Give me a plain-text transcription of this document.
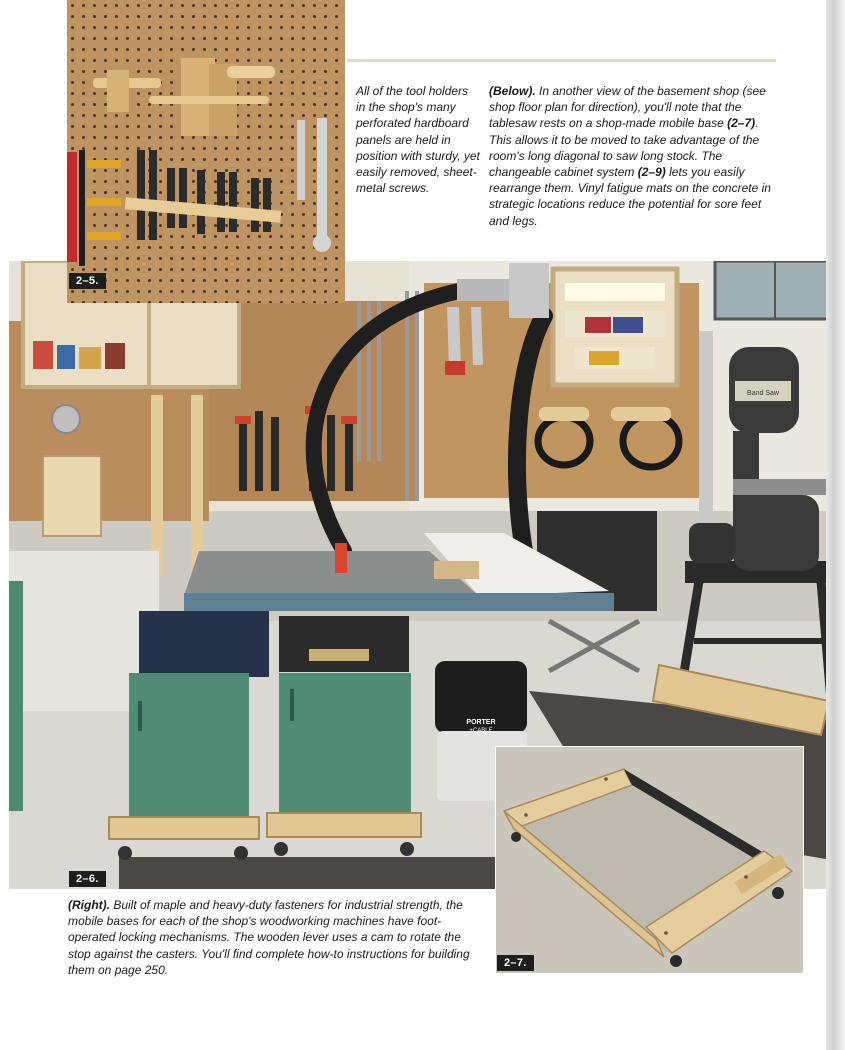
PORTER
+CABLE
Band Saw
2–5.
2–6.
2–7.
All of the tool holders in the shop's many perforated hardboard panels are held in position with sturdy, yet easily removed, sheet-metal screws.
(Below). In another view of the basement shop (see shop floor plan for direction), you'll note that the tablesaw rests on a shop-made mobile base (2–7). This allows it to be moved to take advantage of the room's long diagonal to saw long stock. The changeable cabinet system (2–9) lets you easily rearrange them. Vinyl fatigue mats on the concrete in strategic locations reduce the potential for sore feet and legs.
(Right). Built of maple and heavy-duty fasteners for industrial strength, the mobile bases for each of the shop's woodworking machines have foot-operated locking mechanisms. The wooden lever uses a cam to rotate the stop against the casters. You'll find complete how-to instructions for building them on page 250.
